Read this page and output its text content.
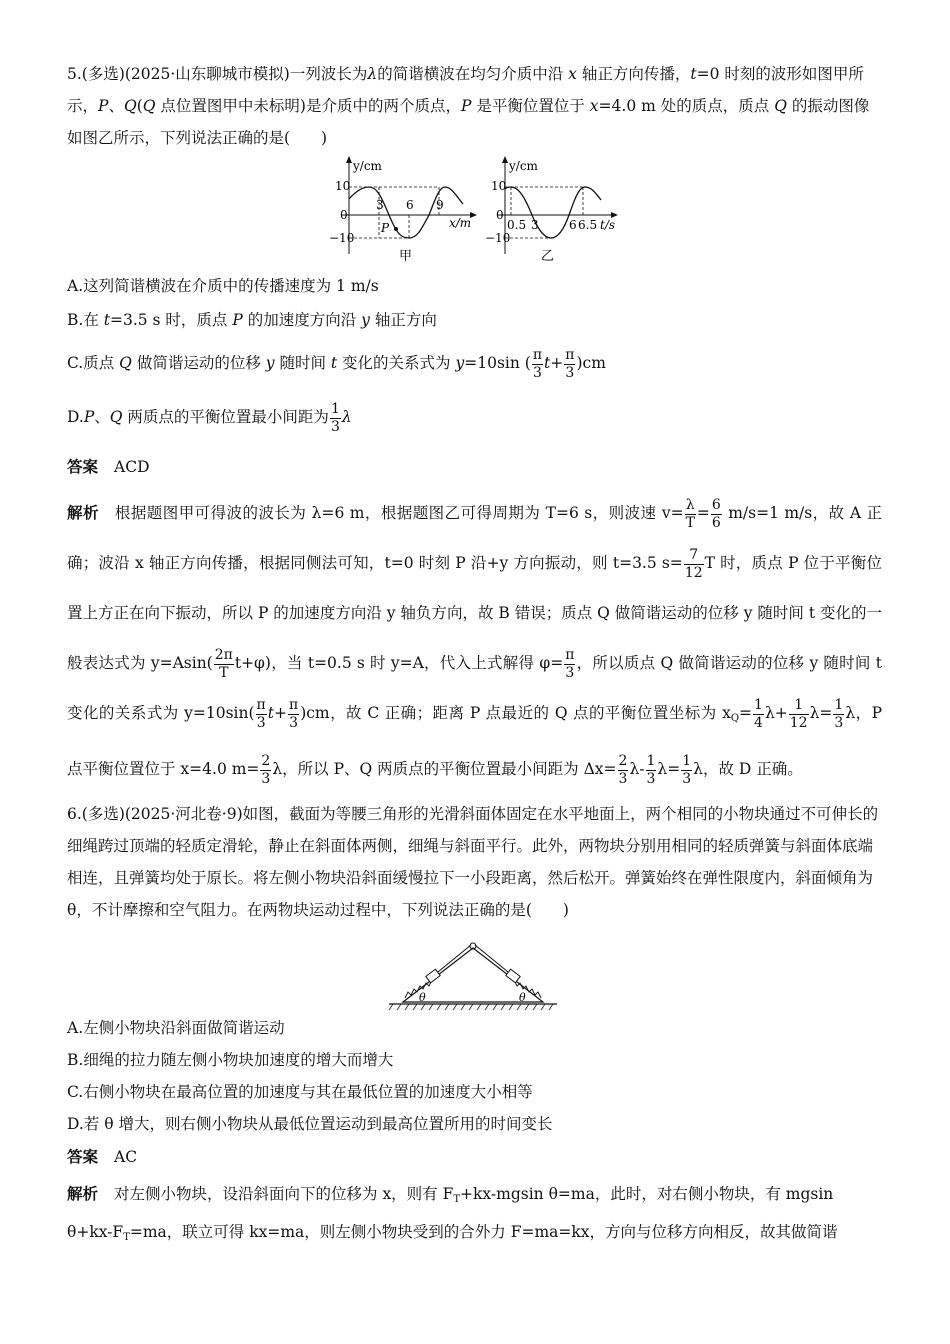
5.(多选)(2025·山东聊城市模拟)一列波长为λ的简谐横波在均匀介质中沿 x 轴正方向传播，t=0 时刻的波形如图甲所示，P、Q(Q 点位置图甲中未标明)是介质中的两个质点，P 是平衡位置位于 x=4.0 m 处的质点，质点 Q 的振动图像如图乙所示，下列说法正确的是(　　)

y/cm
10
0
−10
P
3 6 9
x/m
甲
y/cm
10
0
−10
0.5 3	6 6.5 t/s
乙

A.这列简谐横波在介质中的传播速度为 1 m/s

B.在 t=3.5 s 时，质点 P 的加速度方向沿 y 轴正方向

C.质点 Q 做简谐运动的位移 y 随时间 t 变化的关系式为 y=10sin ( $\frac{\pi}{3} t+ \frac{\pi}{3} )cm$

D.P、Q 两质点的平衡位置最小间距为 $\frac{1}{3}$ λ

答案 ACD

解析 根据题图甲可得波的波长为 λ=6 m，根据题图乙可得周期为 T=6 s，则波速 $v= \frac{\lambda}{T} = \frac{6}{6} m/s=1$ m/s，故 A 正确；波沿 x 轴正方向传播，根据同侧法可知，t=0 时刻 P 沿+y 方向振动，则 t=3.5 $s= \frac{7}{12}$ T 时，质点 P 位于平衡位置上方正在向下振动，所以 P 的加速度方向沿 y 轴负方向，故 B 错误；质点 Q 做简谐运动的位移 y 随时间 t 变化的一般表达式为 $y=Asin( \frac{2\pi}{T} t+\varphi)$，当 t=0.5 s 时 y=A，代入上式解得 $\varphi= \frac{\pi}{3}$ ，所以质点 Q 做简谐运动的位移 y 随时间 t 变化的关系式为 $y=10\sin( \frac{\pi}{3} t+ \frac{\pi}{3} )cm$，故 C 正确；距离 P 点最近的 Q 点的平衡位置坐标为 $x_Q= \frac{1}{4} \lambda+ \frac{1}{12} \lambda= \frac{1}{3}$ λ，P 点平衡位置位于 x=4.0 $m= \frac{2}{3}$ λ，所以 P、Q 两质点的平衡位置最小间距为 $\Delta x= \frac{2}{3} \lambda- \frac{1}{3} \lambda= \frac{1}{3}$ λ，故 D 正确。

6.(多选)(2025·河北卷·9)如图，截面为等腰三角形的光滑斜面体固定在水平地面上，两个相同的小物块通过不可伸长的细绳跨过顶端的轻质定滑轮，静止在斜面体两侧，细绳与斜面平行。此外，两物块分别用相同的轻质弹簧与斜面体底端相连，且弹簧均处于原长。将左侧小物块沿斜面缓慢拉下一小段距离，然后松开。弹簧始终在弹性限度内，斜面倾角为 θ，不计摩擦和空气阻力。在两物块运动过程中，下列说法正确的是(　　)

θ	θ

A.左侧小物块沿斜面做简谐运动

B.细绳的拉力随左侧小物块加速度的增大而增大

C.右侧小物块在最高位置的加速度与其在最低位置的加速度大小相等

D.若 θ 增大，则右侧小物块从最低位置运动到最高位置所用的时间变长

答案 AC

解析 对左侧小物块，设沿斜面向下的位移为 x，则有 $F_T+kx$-mgsin θ=ma，此时，对右侧小物块，有 mgsin $\theta+kx-F_T=ma$，联立可得 kx=ma，则左侧小物块受到的合外力 F=ma=kx，方向与位移方向相反，故其做简谐
